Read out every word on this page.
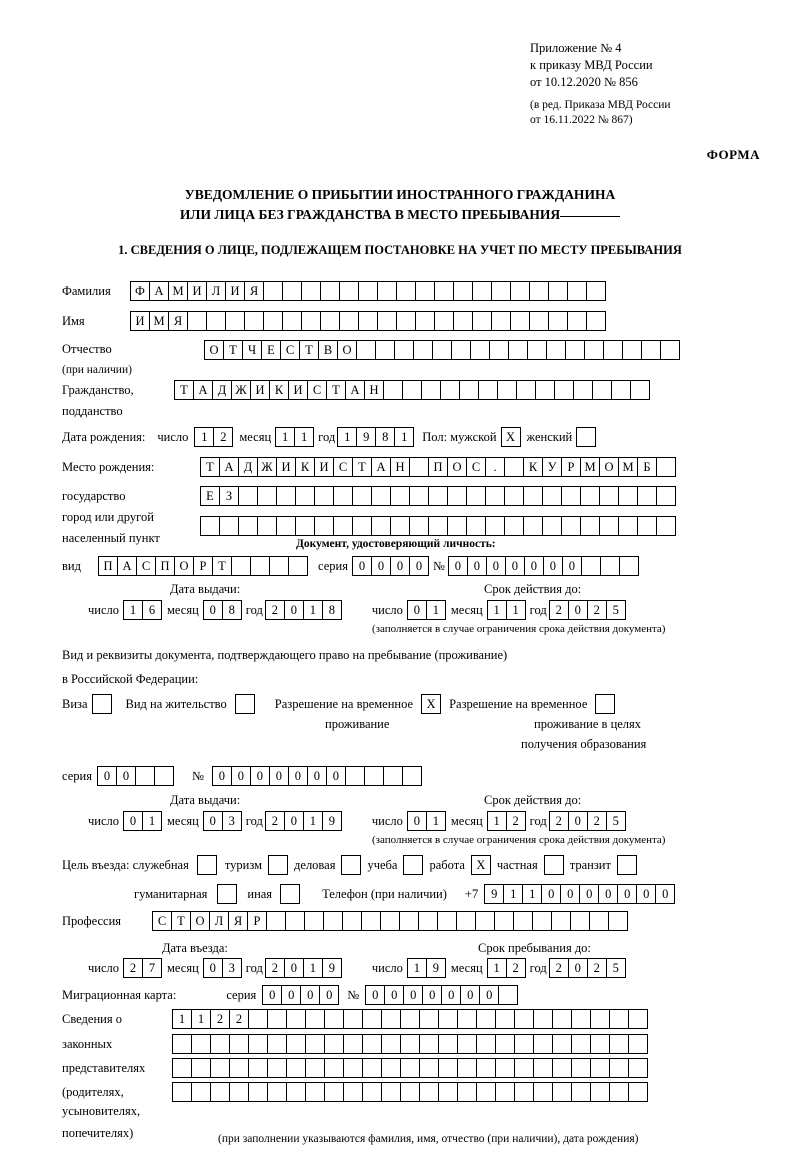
Приложение № 4
к приказу МВД России
от 10.12.2020 № 856
(в ред. Приказа МВД России
от 16.11.2022 № 867)
ФОРМА
УВЕДОМЛЕНИЕ О ПРИБЫТИИ ИНОСТРАННОГО ГРАЖДАНИНА
ИЛИ ЛИЦА БЕЗ ГРАЖДАНСТВА В МЕСТО ПРЕБЫВАНИЯ
1. СВЕДЕНИЯ О ЛИЦЕ, ПОДЛЕЖАЩЕМ ПОСТАНОВКЕ НА УЧЕТ ПО МЕСТУ ПРЕБЫВАНИЯ
Фамилия	Ф А М И Л И Я
Имя	И М Я
Отчество	О Т Ч Е С Т В О
(при наличии)
Гражданство,	Т А Д Ж И К И С Т А Н
подданство
Дата рождения: число	1	2	месяц 1	1 год 1	9	8	1	Пол: мужской X женский
Место рождения:	Т А Д Ж И К И С Т А Н	П О С	.	К У Р М О М Б
государство	Е З
город или другой
населенный пункт	Документ, удостоверяющий личность:
вид	П А С П О Р Т	серия 0	0	0	0 № 0	0	0	0	0	0	0
Дата выдачи:	Срок действия до:
число 1	6 месяц 0	8 год 2	0	1	8	число 0	1 месяц 1	1 год 2	0	2	5
(заполняется в случае ограничения срока действия документа)
Вид и реквизиты документа, подтверждающего право на пребывание (проживание)
в Российской Федерации:
Виза	Вид на жительство	Разрешение на временное	X	Разрешение на временное
проживание	проживание в целях
получения образования
серия 0	0	№	0	0	0	0	0	0	0
Дата выдачи:	Срок действия до:
число 0	1 месяц 0	3 год 2	0	1	9	число 0	1 месяц 1	2 год 2	0	2	5
(заполняется в случае ограничения срока действия документа)
Цель въезда: служебная	туризм	деловая	учеба	работа X частная	транзит
гуманитарная	иная	Телефон (при наличии) +7	9	1	1	0	0	0	0	0	0	0
Профессия	С Т О Л Я Р
Дата въезда:	Срок пребывания до:
число 2	7 месяц 0	3 год 2	0	1	9	число 1	9 месяц 1	2 год 2	0	2	5
Миграционная карта:	серия	0	0	0	0	№	0	0	0	0	0	0	0
Сведения о	1	1	2	2
законных
представителях
(родителях,
усыновителях,
попечителях)	(при заполнении указываются фамилия, имя, отчество (при наличии), дата рождения)
